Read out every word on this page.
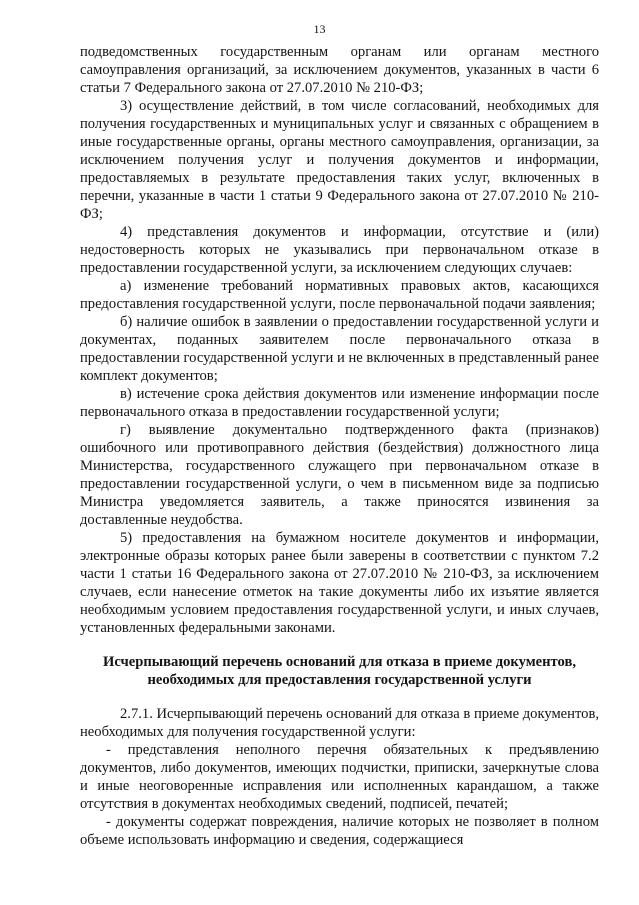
13

подведомственных государственным органам или органам местного самоуправления организаций, за исключением документов, указанных в части 6 статьи 7 Федерального закона от 27.07.2010 № 210-ФЗ;

3) осуществление действий, в том числе согласований, необходимых для получения государственных и муниципальных услуг и связанных с обращением в иные государственные органы, органы местного самоуправления, организации, за исключением получения услуг и получения документов и информации, предоставляемых в результате предоставления таких услуг, включенных в перечни, указанные в части 1 статьи 9 Федерального закона от 27.07.2010 № 210-ФЗ;

4) представления документов и информации, отсутствие и (или) недостоверность которых не указывались при первоначальном отказе в предоставлении государственной услуги, за исключением следующих случаев:

а) изменение требований нормативных правовых актов, касающихся предоставления государственной услуги, после первоначальной подачи заявления;

б) наличие ошибок в заявлении о предоставлении государственной услуги и документах, поданных заявителем после первоначального отказа в предоставлении государственной услуги и не включенных в представленный ранее комплект документов;

в) истечение срока действия документов или изменение информации после первоначального отказа в предоставлении государственной услуги;

г) выявление документально подтвержденного факта (признаков) ошибочного или противоправного действия (бездействия) должностного лица Министерства, государственного служащего при первоначальном отказе в предоставлении государственной услуги, о чем в письменном виде за подписью Министра уведомляется заявитель, а также приносятся извинения за доставленные неудобства.

5) предоставления на бумажном носителе документов и информации, электронные образы которых ранее были заверены в соответствии с пунктом 7.2 части 1 статьи 16 Федерального закона от 27.07.2010 № 210-ФЗ, за исключением случаев, если нанесение отметок на такие документы либо их изъятие является необходимым условием предоставления государственной услуги, и иных случаев, установленных федеральными законами.

Исчерпывающий перечень оснований для отказа в приеме документов, необходимых для предоставления государственной услуги

2.7.1. Исчерпывающий перечень оснований для отказа в приеме документов, необходимых для получения государственной услуги:

- представления неполного перечня обязательных к предъявлению документов, либо документов, имеющих подчистки, приписки, зачеркнутые слова и иные неоговоренные исправления или исполненных карандашом, а также отсутствия в документах необходимых сведений, подписей, печатей;

- документы содержат повреждения, наличие которых не позволяет в полном объеме использовать информацию и сведения, содержащиеся
